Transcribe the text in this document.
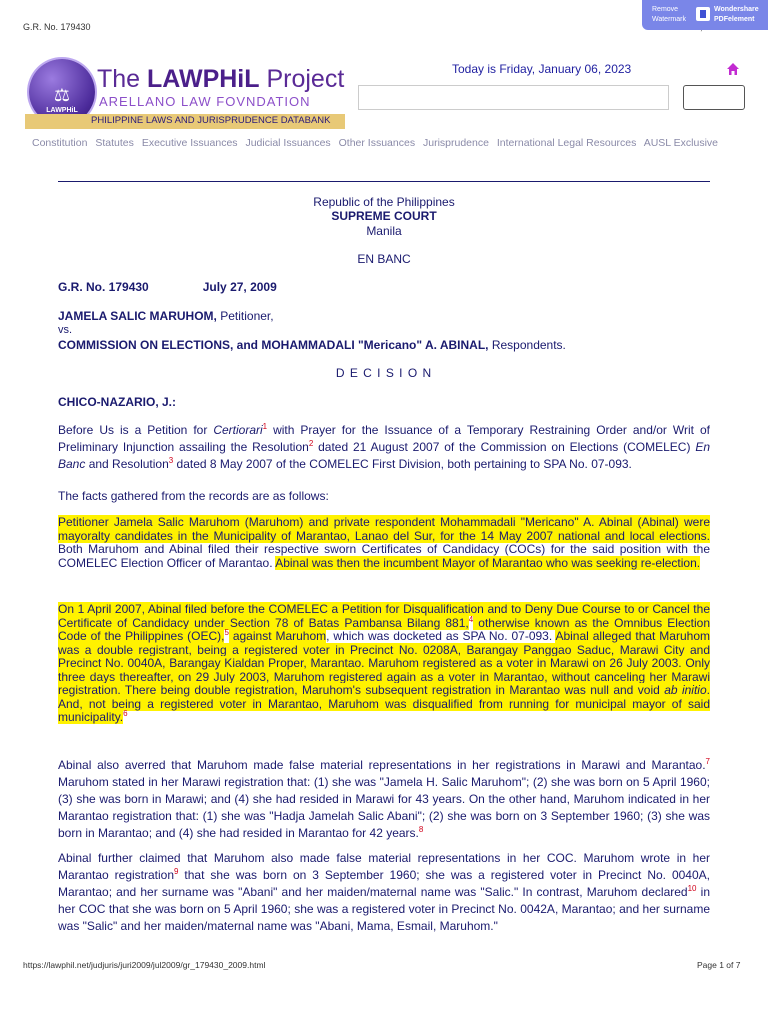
G.R. No. 179430
Remove
Watermark
Wondershare
PDFelement
⚖
LAWPHiL
The LAWPHiL Project
ARELLANO LAW FOVNDATION
PHILIPPINE LAWS AND JURISPRUDENCE DATABANK
Today is Friday, January 06, 2023
Constitution Statutes Executive Issuances Judicial Issuances Other Issuances Jurisprudence International Legal Resources AUSL Exclusive
Republic of the Philippines
SUPREME COURT
Manila
EN BANC
G.R. No. 179430	July 27, 2009
JAMELA SALIC MARUHOM, Petitioner,
vs.
COMMISSION ON ELECTIONS, and MOHAMMADALI "Mericano" A. ABINAL, Respondents.
D E C I S I O N
CHICO-NAZARIO, J.:
Before Us is a Petition for Certiorari$^1$ with Prayer for the Issuance of a Temporary Restraining Order and/or Writ of Preliminary Injunction assailing the Resolution$^2$ dated 21 August 2007 of the Commission on Elections (COMELEC) En Banc and Resolution$^3$ dated 8 May 2007 of the COMELEC First Division, both pertaining to SPA No. 07-093.
The facts gathered from the records are as follows:
Petitioner Jamela Salic Maruhom (Maruhom) and private respondent Mohammadali "Mericano" A. Abinal (Abinal) were mayoralty candidates in the Municipality of Marantao, Lanao del Sur, for the 14 May 2007 national and local elections. Both Maruhom and Abinal filed their respective sworn Certificates of Candidacy (COCs) for the said position with the COMELEC Election Officer of Marantao. Abinal was then the incumbent Mayor of Marantao who was seeking re-election.
On 1 April 2007, Abinal filed before the COMELEC a Petition for Disqualification and to Deny Due Course to or Cancel the Certificate of Candidacy under Section 78 of Batas Pambansa Bilang 881,$^4$ otherwise known as the Omnibus Election Code of the Philippines (OEC),$^5$ against Maruhom, which was docketed as SPA No. 07-093. Abinal alleged that Maruhom was a double registrant, being a registered voter in Precinct No. 0208A, Barangay Panggao Saduc, Marawi City and Precinct No. 0040A, Barangay Kialdan Proper, Marantao. Maruhom registered as a voter in Marawi on 26 July 2003. Only three days thereafter, on 29 July 2003, Maruhom registered again as a voter in Marantao, without canceling her Marawi registration. There being double registration, Maruhom's subsequent registration in Marantao was null and void ab initio. And, not being a registered voter in Marantao, Maruhom was disqualified from running for municipal mayor of said municipality.$^6$
Abinal also averred that Maruhom made false material representations in her registrations in Marawi and Marantao.$^7$ Maruhom stated in her Marawi registration that: (1) she was "Jamela H. Salic Maruhom"; (2) she was born on 5 April 1960; (3) she was born in Marawi; and (4) she had resided in Marawi for 43 years. On the other hand, Maruhom indicated in her Marantao registration that: (1) she was "Hadja Jamelah Salic Abani"; (2) she was born on 3 September 1960; (3) she was born in Marantao; and (4) she had resided in Marantao for 42 years.$^8$
Abinal further claimed that Maruhom also made false material representations in her COC. Maruhom wrote in her Marantao registration$^9$ that she was born on 3 September 1960; she was a registered voter in Precinct No. 0040A, Marantao; and her surname was "Abani" and her maiden/maternal name was "Salic." In contrast, Maruhom declared$^{10}$ in her COC that she was born on 5 April 1960; she was a registered voter in Precinct No. 0042A, Marantao; and her surname was "Salic" and her maiden/maternal name was "Abani, Mama, Esmail, Maruhom."
https://lawphil.net/judjuris/juri2009/jul2009/gr_179430_2009.html	Page 1 of 7
